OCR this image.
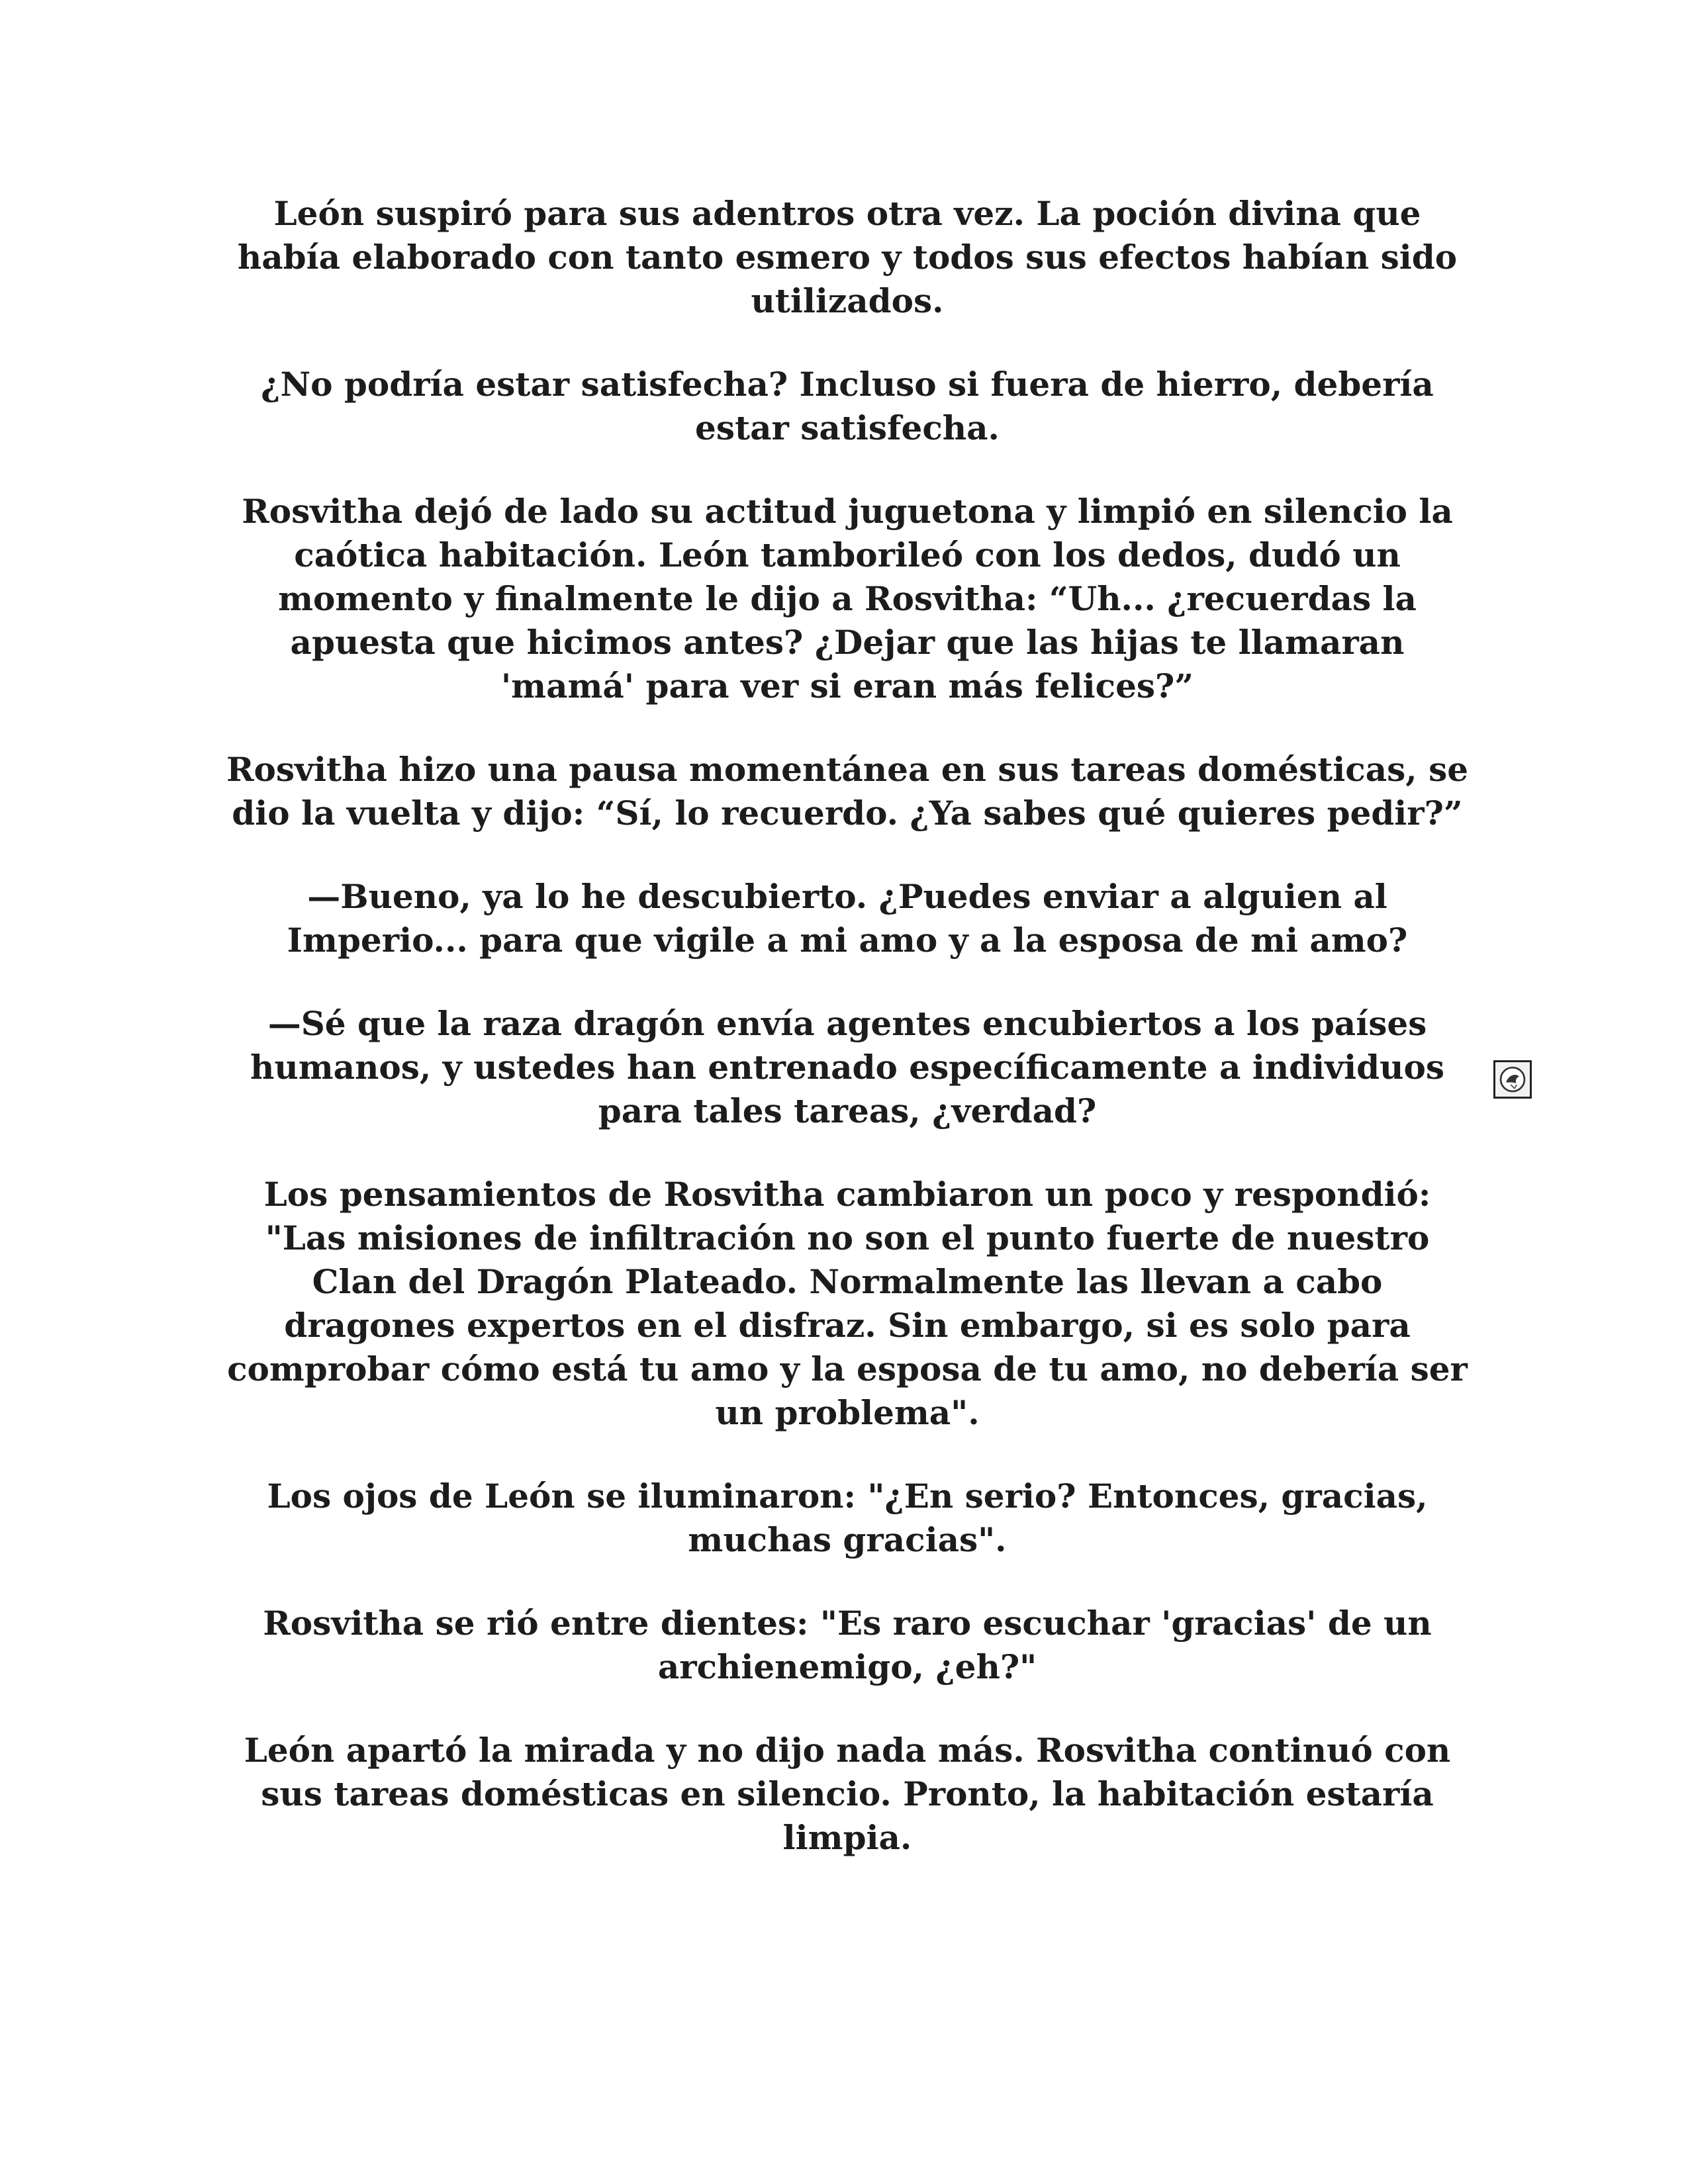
León suspiró para sus adentros otra vez. La poción divina que había elaborado con tanto esmero y todos sus efectos habían sido utilizados.

¿No podría estar satisfecha? Incluso si fuera de hierro, debería estar satisfecha.

Rosvitha dejó de lado su actitud juguetona y limpió en silencio la caótica habitación. León tamborileó con los dedos, dudó un momento y finalmente le dijo a Rosvitha: “Uh... ¿recuerdas la apuesta que hicimos antes? ¿Dejar que las hijas te llamaran 'mamá' para ver si eran más felices?”

Rosvitha hizo una pausa momentánea en sus tareas domésticas, se dio la vuelta y dijo: “Sí, lo recuerdo. ¿Ya sabes qué quieres pedir?”

—Bueno, ya lo he descubierto. ¿Puedes enviar a alguien al Imperio... para que vigile a mi amo y a la esposa de mi amo?

—Sé que la raza dragón envía agentes encubiertos a los países humanos, y ustedes han entrenado específicamente a individuos para tales tareas, ¿verdad?

Los pensamientos de Rosvitha cambiaron un poco y respondió: "Las misiones de infiltración no son el punto fuerte de nuestro Clan del Dragón Plateado. Normalmente las llevan a cabo dragones expertos en el disfraz. Sin embargo, si es solo para comprobar cómo está tu amo y la esposa de tu amo, no debería ser un problema".

Los ojos de León se iluminaron: "¿En serio? Entonces, gracias, muchas gracias".

Rosvitha se rió entre dientes: "Es raro escuchar 'gracias' de un archienemigo, ¿eh?"

León apartó la mirada y no dijo nada más. Rosvitha continuó con sus tareas domésticas en silencio. Pronto, la habitación estaría limpia.
